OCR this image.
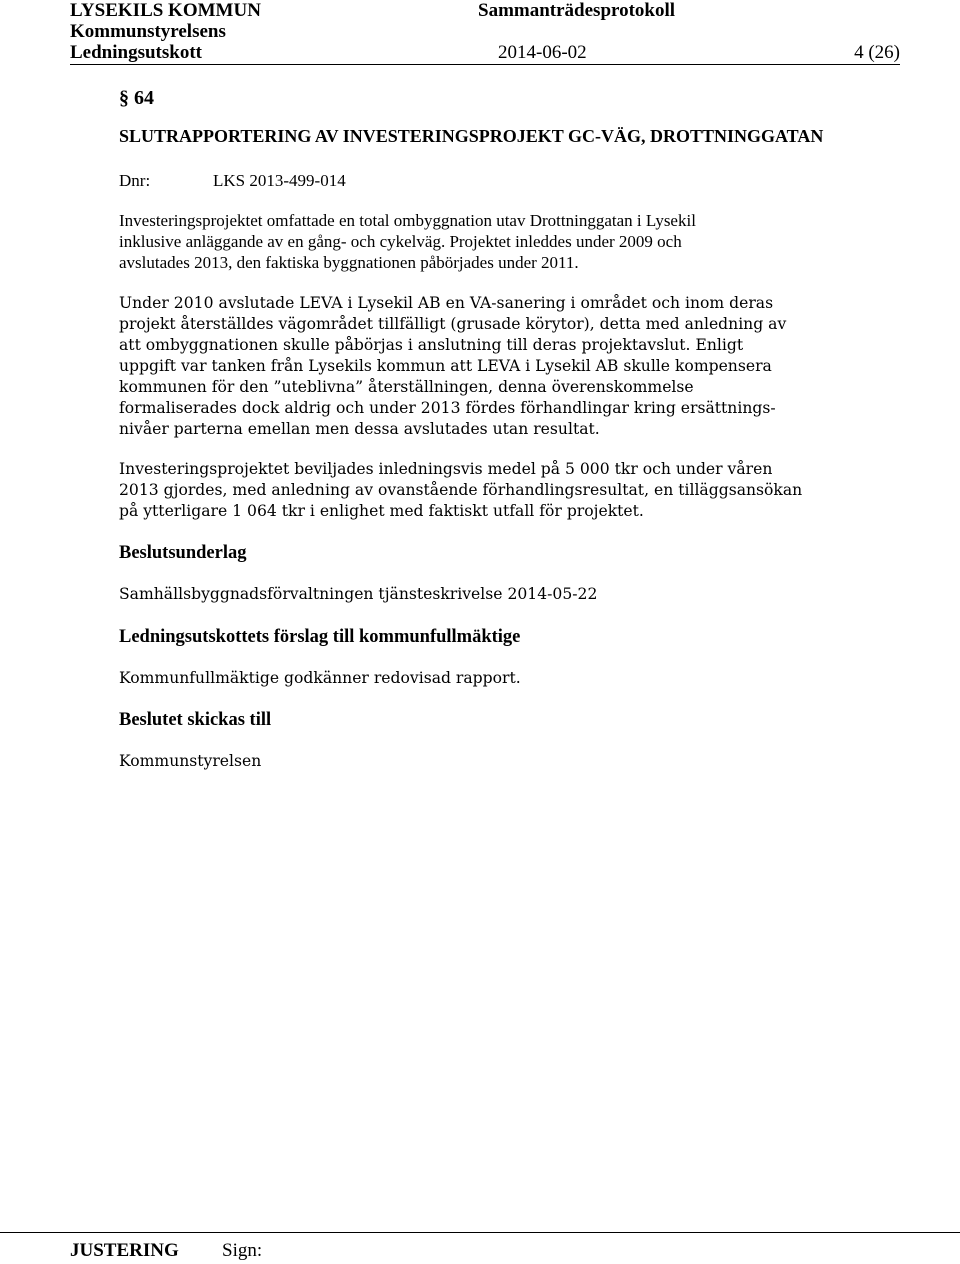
LYSEKILS KOMMUN	Sammanträdesprotokoll
Kommunstyrelsens
Ledningsutskott	2014-06-02	4 (26)
§ 64
SLUTRAPPORTERING AV INVESTERINGSPROJEKT GC-VÄG, DROTTNINGGATAN
Dnr:	LKS 2013-499-014

Investeringsprojektet omfattade en total ombyggnation utav Drottninggatan i Lysekil
inklusive anläggande av en gång- och cykelväg. Projektet inleddes under 2009 och
avslutades 2013, den faktiska byggnationen påbörjades under 2011.

Under 2010 avslutade LEVA i Lysekil AB en VA-sanering i området och inom deras
projekt återställdes vägområdet tillfälligt (grusade körytor), detta med anledning av
att ombyggnationen skulle påbörjas i anslutning till deras projektavslut. Enligt
uppgift var tanken från Lysekils kommun att LEVA i Lysekil AB skulle kompensera
kommunen för den ”uteblivna” återställningen, denna överenskommelse
formaliserades dock aldrig och under 2013 fördes förhandlingar kring ersättnings-
nivåer parterna emellan men dessa avslutades utan resultat.

Investeringsprojektet beviljades inledningsvis medel på 5 000 tkr och under våren
2013 gjordes, med anledning av ovanstående förhandlingsresultat, en tilläggsansökan
på ytterligare 1 064 tkr i enlighet med faktiskt utfall för projektet.

Beslutsunderlag

Samhällsbyggnadsförvaltningen tjänsteskrivelse 2014-05-22

Ledningsutskottets förslag till kommunfullmäktige

Kommunfullmäktige godkänner redovisad rapport.

Beslutet skickas till

Kommunstyrelsen

JUSTERING Sign:
